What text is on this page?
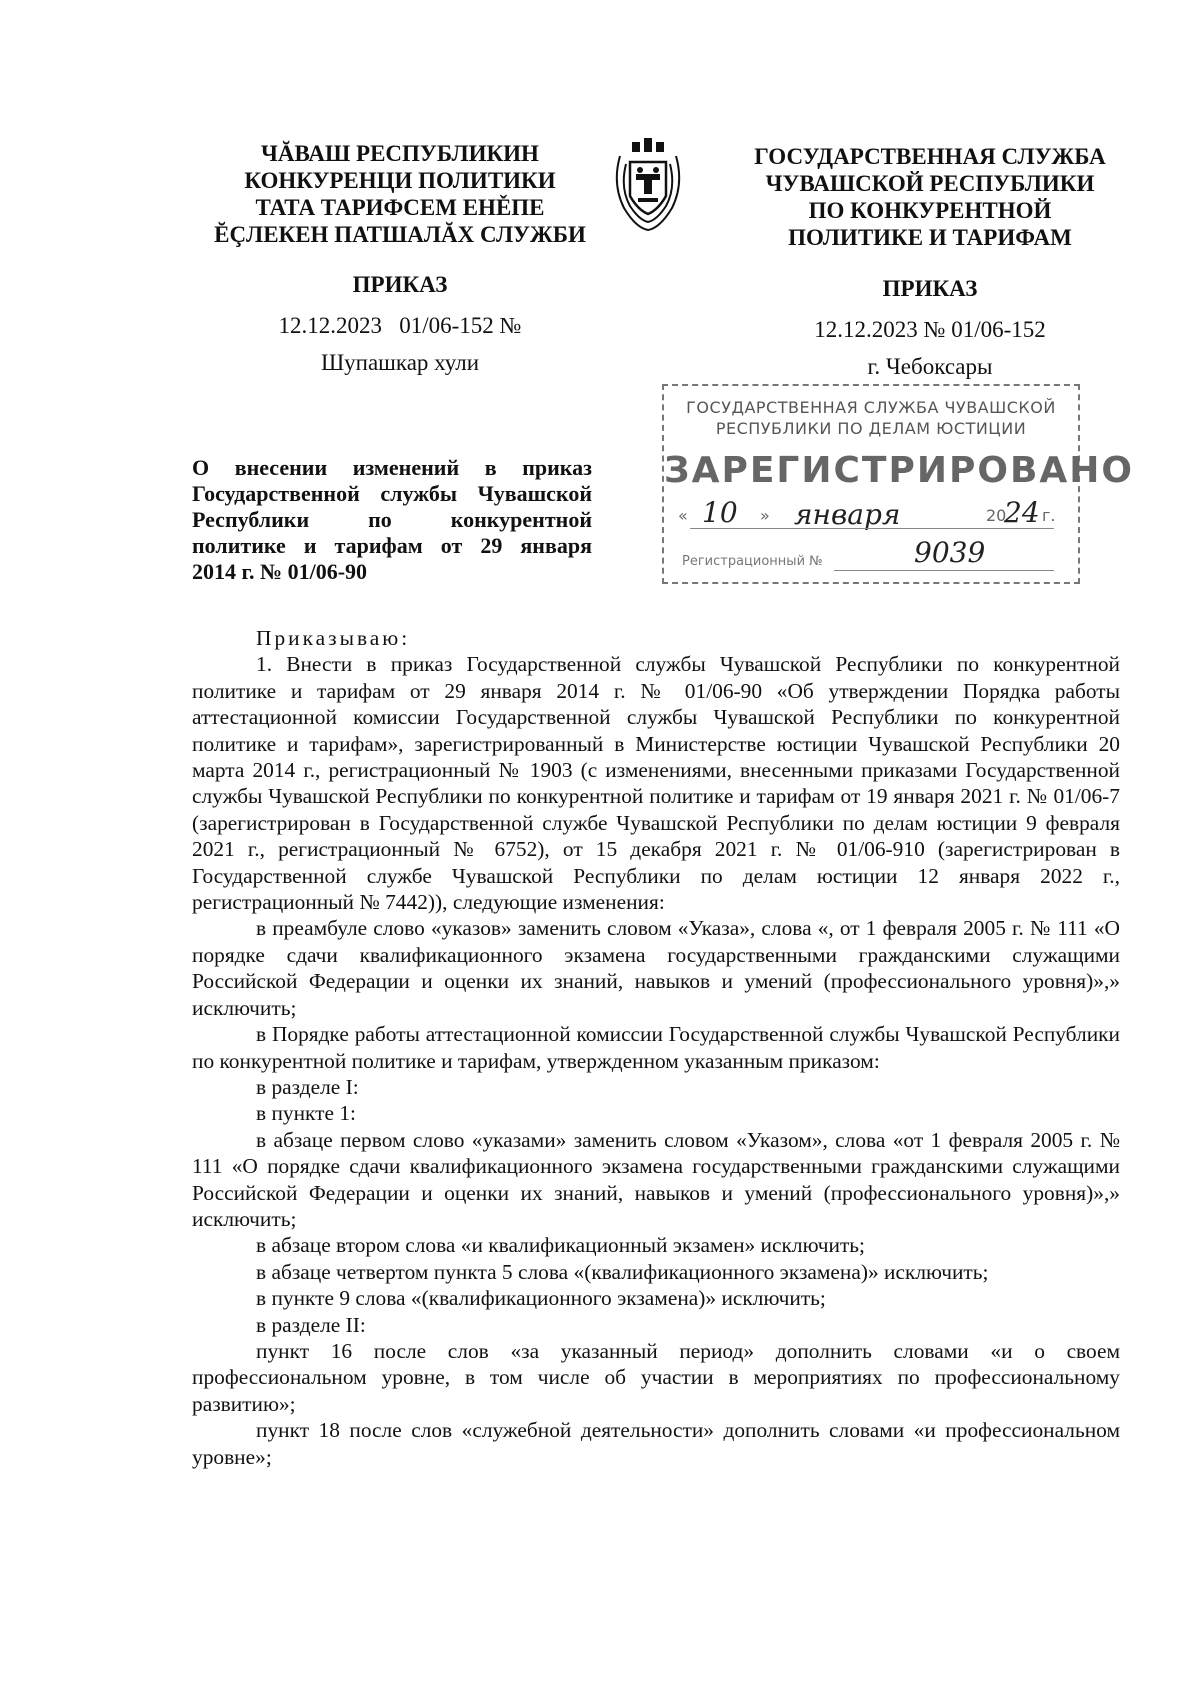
ЧĂВАШ РЕСПУБЛИКИН
КОНКУРЕНЦИ ПОЛИТИКИ
ТАТА ТАРИФСЕМ ЕНĚПЕ
ĔÇЛЕКЕН ПАТШАЛĂХ СЛУЖБИ
ГОСУДАРСТВЕННАЯ СЛУЖБА
ЧУВАШСКОЙ РЕСПУБЛИКИ
ПО КОНКУРЕНТНОЙ
ПОЛИТИКЕ И ТАРИФАМ
ПРИКАЗ	ПРИКАЗ
12.12.2023   01/06-152 №	12.12.2023 № 01/06-152
Шупашкар хули	г. Чебоксары
ГОСУДАРСТВЕННАЯ СЛУЖБА ЧУВАШСКОЙ
РЕСПУБЛИКИ ПО ДЕЛАМ ЮСТИЦИИ
ЗАРЕГИСТРИРОВАНО
« 10 » января	20
24 г.
Регистрационный №	9039
О внесении изменений в приказ
Государственной службы Чувашской
Республики по конкурентной
политике и тарифам от 29 января
2014 г. № 01/06-90

Приказываю:

1. Внести в приказ Государственной службы Чувашской Республики по конкурентной политике и тарифам от 29 января 2014 г. № 01/06-90 «Об утверждении Порядка работы аттестационной комиссии Государственной службы Чувашской Республики по конкурентной политике и тарифам», зарегистрированный в Министерстве юстиции Чувашской Республики 20 марта 2014 г., регистрационный № 1903 (с изменениями, внесенными приказами Государственной службы Чувашской Республики по конкурентной политике и тарифам от 19 января 2021 г. № 01/06-7 (зарегистрирован в Государственной службе Чувашской Республики по делам юстиции 9 февраля 2021 г., регистрационный № 6752), от 15 декабря 2021 г. № 01/06-910 (зарегистрирован в Государственной службе Чувашской Республики по делам юстиции 12 января 2022 г., регистрационный № 7442)), следующие изменения:

в преамбуле слово «указов» заменить словом «Указа», слова «, от 1 февраля 2005 г. № 111 «О порядке сдачи квалификационного экзамена государственными гражданскими служащими Российской Федерации и оценки их знаний, навыков и умений (профессионального уровня)»,» исключить;

в Порядке работы аттестационной комиссии Государственной службы Чувашской Республики по конкурентной политике и тарифам, утвержденном указанным приказом:

в разделе I:

в пункте 1:

в абзаце первом слово «указами» заменить словом «Указом», слова «от 1 февраля 2005 г. № 111 «О порядке сдачи квалификационного экзамена государственными гражданскими служащими Российской Федерации и оценки их знаний, навыков и умений (профессионального уровня)»,» исключить;

в абзаце втором слова «и квалификационный экзамен» исключить;

в абзаце четвертом пункта 5 слова «(квалификационного экзамена)» исключить;

в пункте 9 слова «(квалификационного экзамена)» исключить;

в разделе II:

пункт 16 после слов «за указанный период» дополнить словами «и о своем профессиональном уровне, в том числе об участии в мероприятиях по профессиональному развитию»;

пункт 18 после слов «служебной деятельности» дополнить словами «и профессиональном уровне»;
